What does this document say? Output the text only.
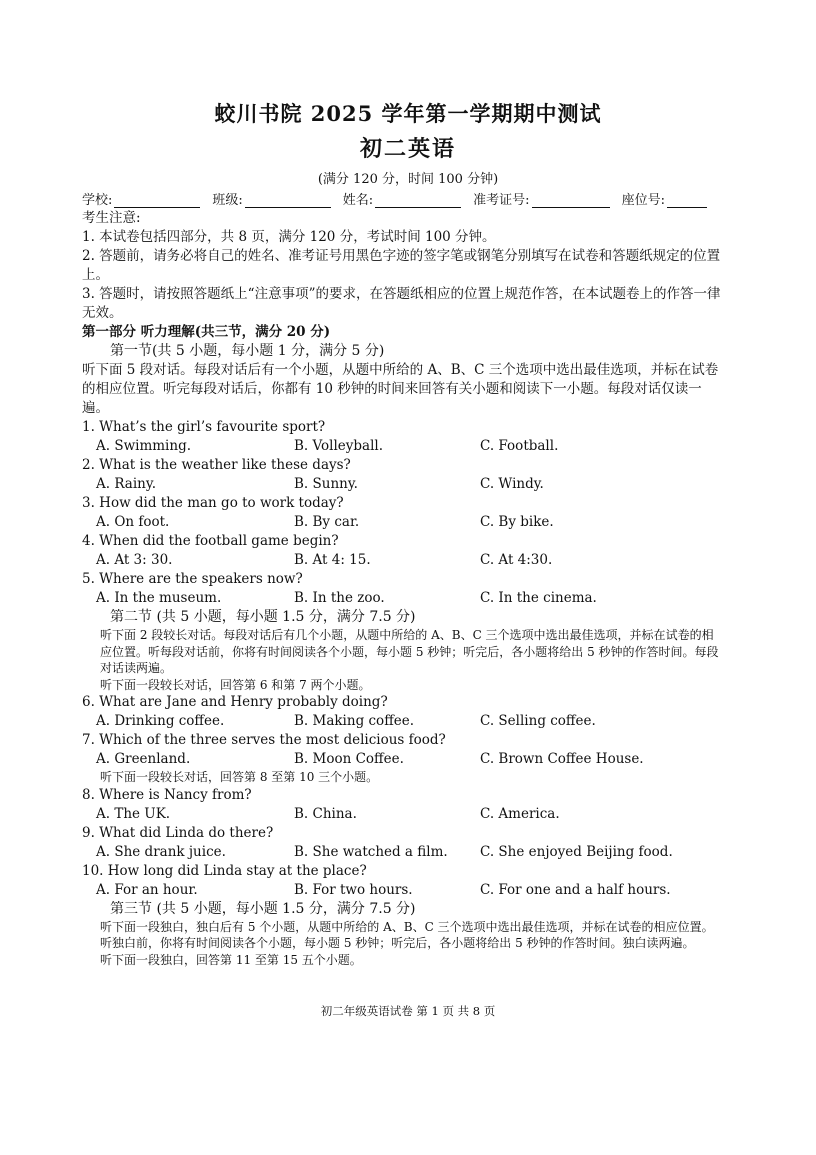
蛟川书院 2025 学年第一学期期中测试
初二英语
(满分 120 分，时间 100 分钟)
学校:	班级:	姓名:	准考证号:	座位号:

考生注意:

1. 本试卷包括四部分，共 8 页，满分 120 分，考试时间 100 分钟。

2. 答题前，请务必将自己的姓名、准考证号用黑色字迹的签字笔或钢笔分别填写在试卷和答题纸规定的位置上。

3. 答题时，请按照答题纸上“注意事项”的要求，在答题纸相应的位置上规范作答，在本试题卷上的作答一律无效。

第一部分 听力理解(共三节，满分 20 分)

第一节(共 5 小题，每小题 1 分，满分 5 分)

听下面 5 段对话。每段对话后有一个小题，从题中所给的 A、B、C 三个选项中选出最佳选项，并标在试卷的相应位置。听完每段对话后，你都有 10 秒钟的时间来回答有关小题和阅读下一小题。每段对话仅读一遍。

1. What’s the girl’s favourite sport?

A. Swimming.	B. Volleyball.	C. Football.

2. What is the weather like these days?

A. Rainy.	B. Sunny.	C. Windy.

3. How did the man go to work today?

A. On foot.	B. By car.	C. By bike.

4. When did the football game begin?

A. At 3: 30.	B. At 4: 15.	C. At 4:30.

5. Where are the speakers now?

A. In the museum.	B. In the zoo.	C. In the cinema.

第二节 (共 5 小题，每小题 1.5 分，满分 7.5 分)

听下面 2 段较长对话。每段对话后有几个小题，从题中所给的 A、B、C 三个选项中选出最佳选项，并标在试卷的相应位置。听每段对话前，你将有时间阅读各个小题，每小题 5 秒钟；听完后，各小题将给出 5 秒钟的作答时间。每段对话读两遍。

听下面一段较长对话，回答第 6 和第 7 两个小题。

6. What are Jane and Henry probably doing?

A. Drinking coffee.	B. Making coffee.	C. Selling coffee.

7. Which of the three serves the most delicious food?

A. Greenland.	B. Moon Coffee.	C. Brown Coffee House.

听下面一段较长对话，回答第 8 至第 10 三个小题。

8. Where is Nancy from?

A. The UK.	B. China.	C. America.

9. What did Linda do there?

A. She drank juice.	B. She watched a film.	C. She enjoyed Beijing food.

10. How long did Linda stay at the place?

A. For an hour.	B. For two hours.	C. For one and a half hours.

第三节 (共 5 小题，每小题 1.5 分，满分 7.5 分)

听下面一段独白，独白后有 5 个小题，从题中所给的 A、B、C 三个选项中选出最佳选项，并标在试卷的相应位置。听独白前，你将有时间阅读各个小题，每小题 5 秒钟；听完后，各小题将给出 5 秒钟的作答时间。独白读两遍。

听下面一段独白，回答第 11 至第 15 五个小题。

初二年级英语试卷 第 1 页 共 8 页
